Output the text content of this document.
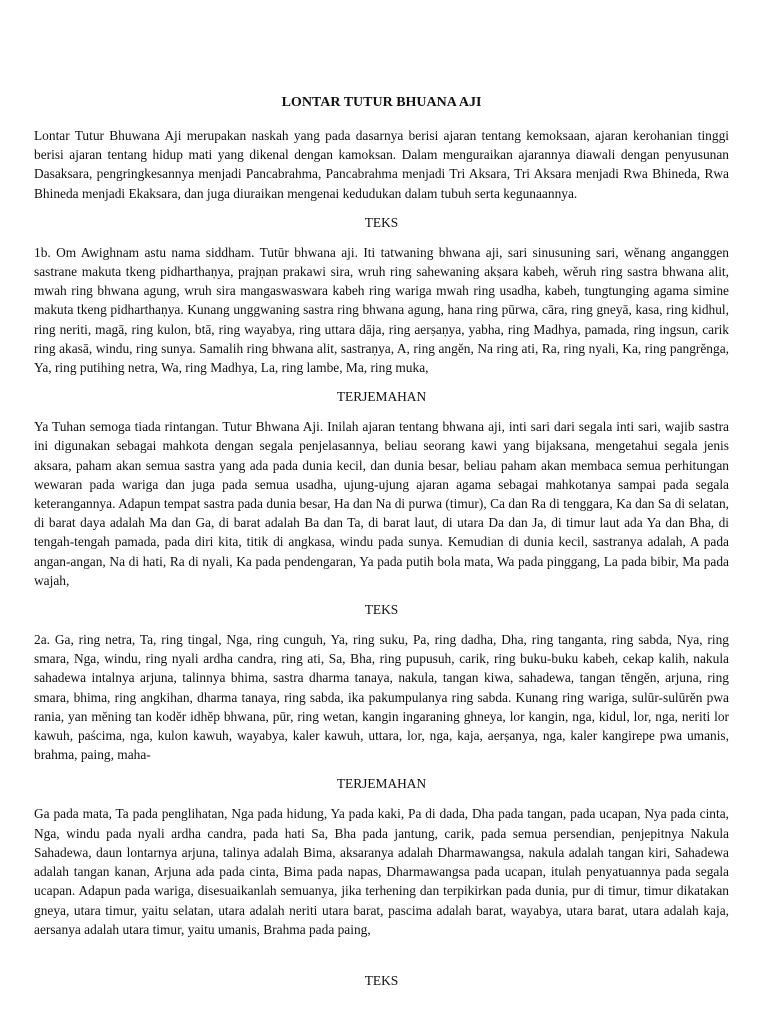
LONTAR TUTUR BHUANA AJI

Lontar Tutur Bhuwana Aji merupakan naskah yang pada dasarnya berisi ajaran tentang kemoksaan, ajaran kerohanian tinggi berisi ajaran tentang hidup mati yang dikenal dengan kamoksan. Dalam menguraikan ajarannya diawali dengan penyusunan Dasaksara, pengringkesannya menjadi Pancabrahma, Pancabrahma menjadi Tri Aksara, Tri Aksara menjadi Rwa Bhineda, Rwa Bhineda menjadi Ekaksara, dan juga diuraikan mengenai kedudukan dalam tubuh serta kegunaannya.

TEKS

1b. Om Awighnam astu nama siddham. Tutūr bhwana aji. Iti tatwaning bhwana aji, sari sinusuning sari, wĕnang anganggen sastrane makuta tkeng pidharthaṇya, prajṇan prakawi sira, wruh ring sahewaning akṣara kabeh, wĕruh ring sastra bhwana alit, mwah ring bhwana agung, wruh sira mangaswaswara kabeh ring wariga mwah ring usadha, kabeh, tungtunging agama simine makuta tkeng pidharthaṇya. Kunang unggwaning sastra ring bhwana agung, hana ring pūrwa, cāra, ring gneyā, kasa, ring kidhul, ring neriti, magā, ring kulon, btā, ring wayabya, ring uttara dāja, ring aerṣaṇya, yabha, ring Madhya, pamada, ring ingsun, carik ring akasā, windu, ring sunya. Samalih ring bhwana alit, sastraṇya, A, ring angĕn, Na ring ati, Ra, ring nyali, Ka, ring pangrĕnga, Ya, ring putihing netra, Wa, ring Madhya, La, ring lambe, Ma, ring muka,

TERJEMAHAN

Ya Tuhan semoga tiada rintangan. Tutur Bhwana Aji. Inilah ajaran tentang bhwana aji, inti sari dari segala inti sari, wajib sastra ini digunakan sebagai mahkota dengan segala penjelasannya, beliau seorang kawi yang bijaksana, mengetahui segala jenis aksara, paham akan semua sastra yang ada pada dunia kecil, dan dunia besar, beliau paham akan membaca semua perhitungan wewaran pada wariga dan juga pada semua usadha, ujung-ujung ajaran agama sebagai mahkotanya sampai pada segala keterangannya. Adapun tempat sastra pada dunia besar, Ha dan Na di purwa (timur), Ca dan Ra di tenggara, Ka dan Sa di selatan, di barat daya adalah Ma dan Ga, di barat adalah Ba dan Ta, di barat laut, di utara Da dan Ja, di timur laut ada Ya dan Bha, di tengah-tengah pamada, pada diri kita, titik di angkasa, windu pada sunya. Kemudian di dunia kecil, sastranya adalah, A pada angan-angan, Na di hati, Ra di nyali, Ka pada pendengaran, Ya pada putih bola mata, Wa pada pinggang, La pada bibir, Ma pada wajah,

TEKS

2a. Ga, ring netra, Ta, ring tingal, Nga, ring cunguh, Ya, ring suku, Pa, ring dadha, Dha, ring tanganta, ring sabda, Nya, ring smara, Nga, windu, ring nyali ardha candra, ring ati, Sa, Bha, ring pupusuh, carik, ring buku-buku kabeh, cekap kalih, nakula sahadewa intalnya arjuna, talinnya bhima, sastra dharma tanaya, nakula, tangan kiwa, sahadewa, tangan tĕngĕn, arjuna, ring smara, bhima, ring angkihan, dharma tanaya, ring sabda, ika pakumpulanya ring sabda. Kunang ring wariga, sulūr-sulūrĕn pwa rania, yan mĕning tan kodĕr idhĕp bhwana, pūr, ring wetan, kangin ingaraning ghneya, lor kangin, nga, kidul, lor, nga, neriti lor kawuh, paścima, nga, kulon kawuh, wayabya, kaler kawuh, uttara, lor, nga, kaja, aerṣanya, nga, kaler kangirepe pwa umanis, brahma, paing, maha-

TERJEMAHAN

Ga pada mata, Ta pada penglihatan, Nga pada hidung, Ya pada kaki, Pa di dada, Dha pada tangan, pada ucapan, Nya pada cinta, Nga, windu pada nyali ardha candra, pada hati Sa, Bha pada jantung, carik, pada semua persendian, penjepitnya Nakula Sahadewa, daun lontarnya arjuna, talinya adalah Bima, aksaranya adalah Dharmawangsa, nakula adalah tangan kiri, Sahadewa adalah tangan kanan, Arjuna ada pada cinta, Bima pada napas, Dharmawangsa pada ucapan, itulah penyatuannya pada segala ucapan. Adapun pada wariga, disesuaikanlah semuanya, jika terhening dan terpikirkan pada dunia, pur di timur, timur dikatakan gneya, utara timur, yaitu selatan, utara adalah neriti utara barat, pascima adalah barat, wayabya, utara barat, utara adalah kaja, aersanya adalah utara timur, yaitu umanis, Brahma pada paing,

TEKS
